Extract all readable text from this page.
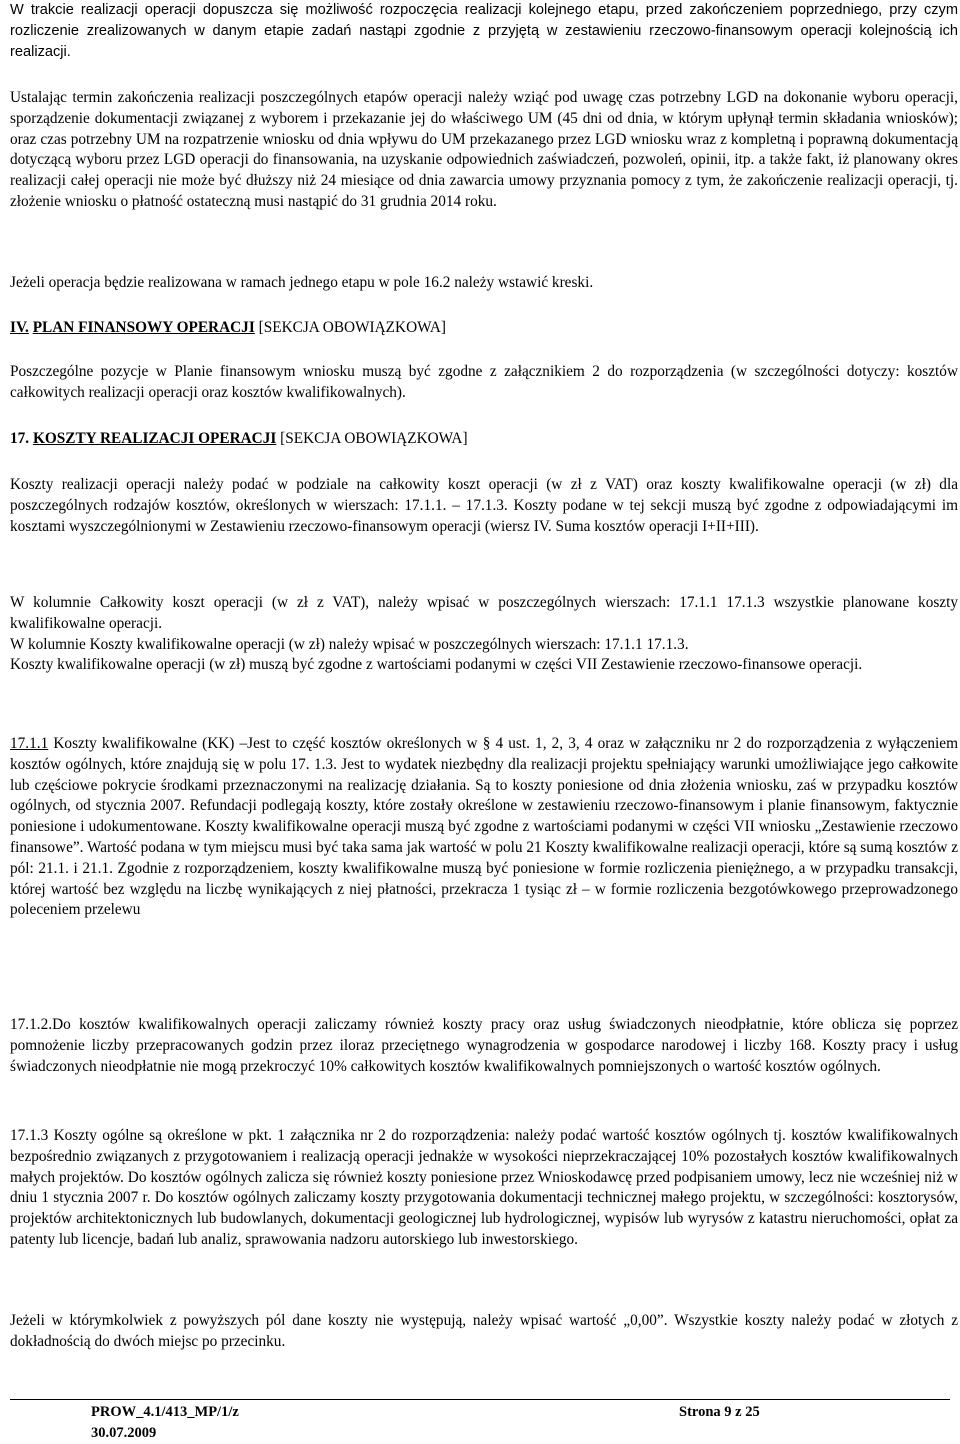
W trakcie realizacji operacji dopuszcza się możliwość rozpoczęcia realizacji kolejnego etapu, przed zakończeniem poprzedniego, przy czym rozliczenie zrealizowanych w danym etapie zadań nastąpi zgodnie z przyjętą w zestawieniu rzeczowo-finansowym operacji kolejnością ich realizacji.

Ustalając termin zakończenia realizacji poszczególnych etapów operacji należy wziąć pod uwagę czas potrzebny LGD na dokonanie wyboru operacji, sporządzenie dokumentacji związanej z wyborem i przekazanie jej do właściwego UM (45 dni od dnia, w którym upłynął termin składania wniosków); oraz czas potrzebny UM na rozpatrzenie wniosku od dnia wpływu do UM przekazanego przez LGD wniosku wraz z kompletną i poprawną dokumentacją dotyczącą wyboru przez LGD operacji do finansowania, na uzyskanie odpowiednich zaświadczeń, pozwoleń, opinii, itp. a także fakt, iż planowany okres realizacji całej operacji nie może być dłuższy niż 24 miesiące od dnia zawarcia umowy przyznania pomocy z tym, że zakończenie realizacji operacji, tj. złożenie wniosku o płatność ostateczną musi nastąpić do 31 grudnia 2014 roku.

Jeżeli operacja będzie realizowana w ramach jednego etapu w pole 16.2 należy wstawić kreski.

IV. PLAN FINANSOWY OPERACJI [SEKCJA OBOWIĄZKOWA]

Poszczególne pozycje w Planie finansowym wniosku muszą być zgodne z załącznikiem 2 do rozporządzenia (w szczególności dotyczy: kosztów całkowitych realizacji operacji oraz kosztów kwalifikowalnych).

17. KOSZTY REALIZACJI OPERACJI [SEKCJA OBOWIĄZKOWA]

Koszty realizacji operacji należy podać w podziale na całkowity koszt operacji (w zł z VAT) oraz koszty kwalifikowalne operacji (w zł) dla poszczególnych rodzajów kosztów, określonych w wierszach: 17.1.1. – 17.1.3. Koszty podane w tej sekcji muszą być zgodne z odpowiadającymi im kosztami wyszczególnionymi w Zestawieniu rzeczowo-finansowym operacji (wiersz IV. Suma kosztów operacji I+II+III).

W kolumnie Całkowity koszt operacji (w zł z VAT), należy wpisać w poszczególnych wierszach: 17.1.1 17.1.3 wszystkie planowane koszty kwalifikowalne operacji.

W kolumnie Koszty kwalifikowalne operacji (w zł) należy wpisać w poszczególnych wierszach: 17.1.1 17.1.3.

Koszty kwalifikowalne operacji (w zł) muszą być zgodne z wartościami podanymi w części VII Zestawienie rzeczowo-finansowe operacji.

17.1.1 Koszty kwalifikowalne (KK) –Jest to część kosztów określonych w § 4 ust. 1, 2, 3, 4 oraz w załączniku nr 2 do rozporządzenia z wyłączeniem kosztów ogólnych, które znajdują się w polu 17. 1.3. Jest to wydatek niezbędny dla realizacji projektu spełniający warunki umożliwiające jego całkowite lub częściowe pokrycie środkami przeznaczonymi na realizację działania. Są to koszty poniesione od dnia złożenia wniosku, zaś w przypadku kosztów ogólnych, od stycznia 2007. Refundacji podlegają koszty, które zostały określone w zestawieniu rzeczowo-finansowym i planie finansowym, faktycznie poniesione i udokumentowane. Koszty kwalifikowalne operacji muszą być zgodne z wartościami podanymi w części VII wniosku „Zestawienie rzeczowo finansowe”. Wartość podana w tym miejscu musi być taka sama jak wartość w polu 21 Koszty kwalifikowalne realizacji operacji, które są sumą kosztów z pól: 21.1. i 21.1. Zgodnie z rozporządzeniem, koszty kwalifikowalne muszą być poniesione w formie rozliczenia pieniężnego, a w przypadku transakcji, której wartość bez względu na liczbę wynikających z niej płatności, przekracza 1 tysiąc zł – w formie rozliczenia bezgotówkowego przeprowadzonego poleceniem przelewu

17.1.2.Do kosztów kwalifikowalnych operacji zaliczamy również koszty pracy oraz usług świadczonych nieodpłatnie, które oblicza się poprzez pomnożenie liczby przepracowanych godzin przez iloraz przeciętnego wynagrodzenia w gospodarce narodowej i liczby 168. Koszty pracy i usług świadczonych nieodpłatnie nie mogą przekroczyć 10% całkowitych kosztów kwalifikowalnych pomniejszonych o wartość kosztów ogólnych.

17.1.3 Koszty ogólne są określone w pkt. 1 załącznika nr 2 do rozporządzenia: należy podać wartość kosztów ogólnych tj. kosztów kwalifikowalnych bezpośrednio związanych z przygotowaniem i realizacją operacji jednakże w wysokości nieprzekraczającej 10% pozostałych kosztów kwalifikowalnych małych projektów. Do kosztów ogólnych zalicza się również koszty poniesione przez Wnioskodawcę przed podpisaniem umowy, lecz nie wcześniej niż w dniu 1 stycznia 2007 r. Do kosztów ogólnych zaliczamy koszty przygotowania dokumentacji technicznej małego projektu, w szczególności: kosztorysów, projektów architektonicznych lub budowlanych, dokumentacji geologicznej lub hydrologicznej, wypisów lub wyrysów z katastru nieruchomości, opłat za patenty lub licencje, badań lub analiz, sprawowania nadzoru autorskiego lub inwestorskiego.

Jeżeli w którymkolwiek z powyższych pól dane koszty nie występują, należy wpisać wartość „0,00”. Wszystkie koszty należy podać w złotych z dokładnością do dwóch miejsc po przecinku.

PROW_4.1/413_MP/1/z
30.07.2009
Strona 9 z 25
